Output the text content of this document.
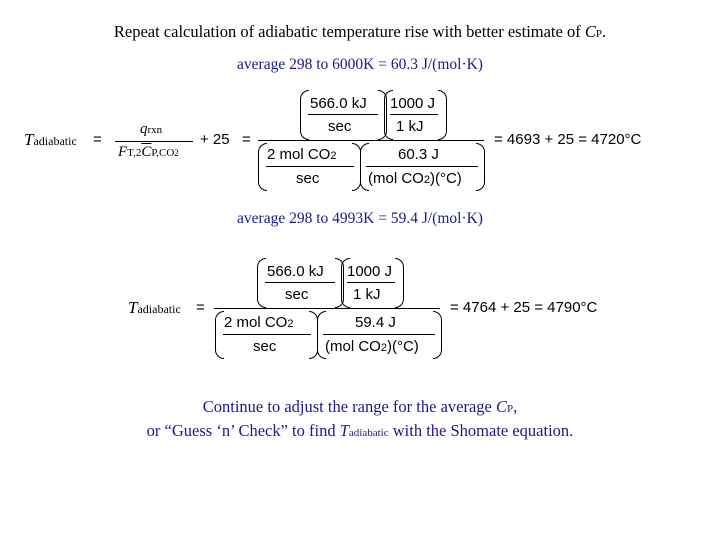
Repeat calculation of adiabatic temperature rise with better estimate of CP.
average 298 to 6000K = 60.3 J/(mol·K)
Tadiabatic =
qrxn
$FT,2\overline{C}P,CO2$
+ 25 =
566.0 kJ
sec
1000 J
1 kJ
2 mol CO2
sec
60.3 J
(mol CO2)(°C)
= 4693 + 25 = 4720°C
average 298 to 4993K = 59.4 J/(mol·K)
Tadiabatic =
566.0 kJ
sec
1000 J
1 kJ
2 mol CO2
sec
59.4 J
(mol CO2)(°C)
= 4764 + 25 = 4790°C
Continue to adjust the range for the average CP,
or “Guess ‘n’ Check” to find Tadiabatic with the Shomate equation.
